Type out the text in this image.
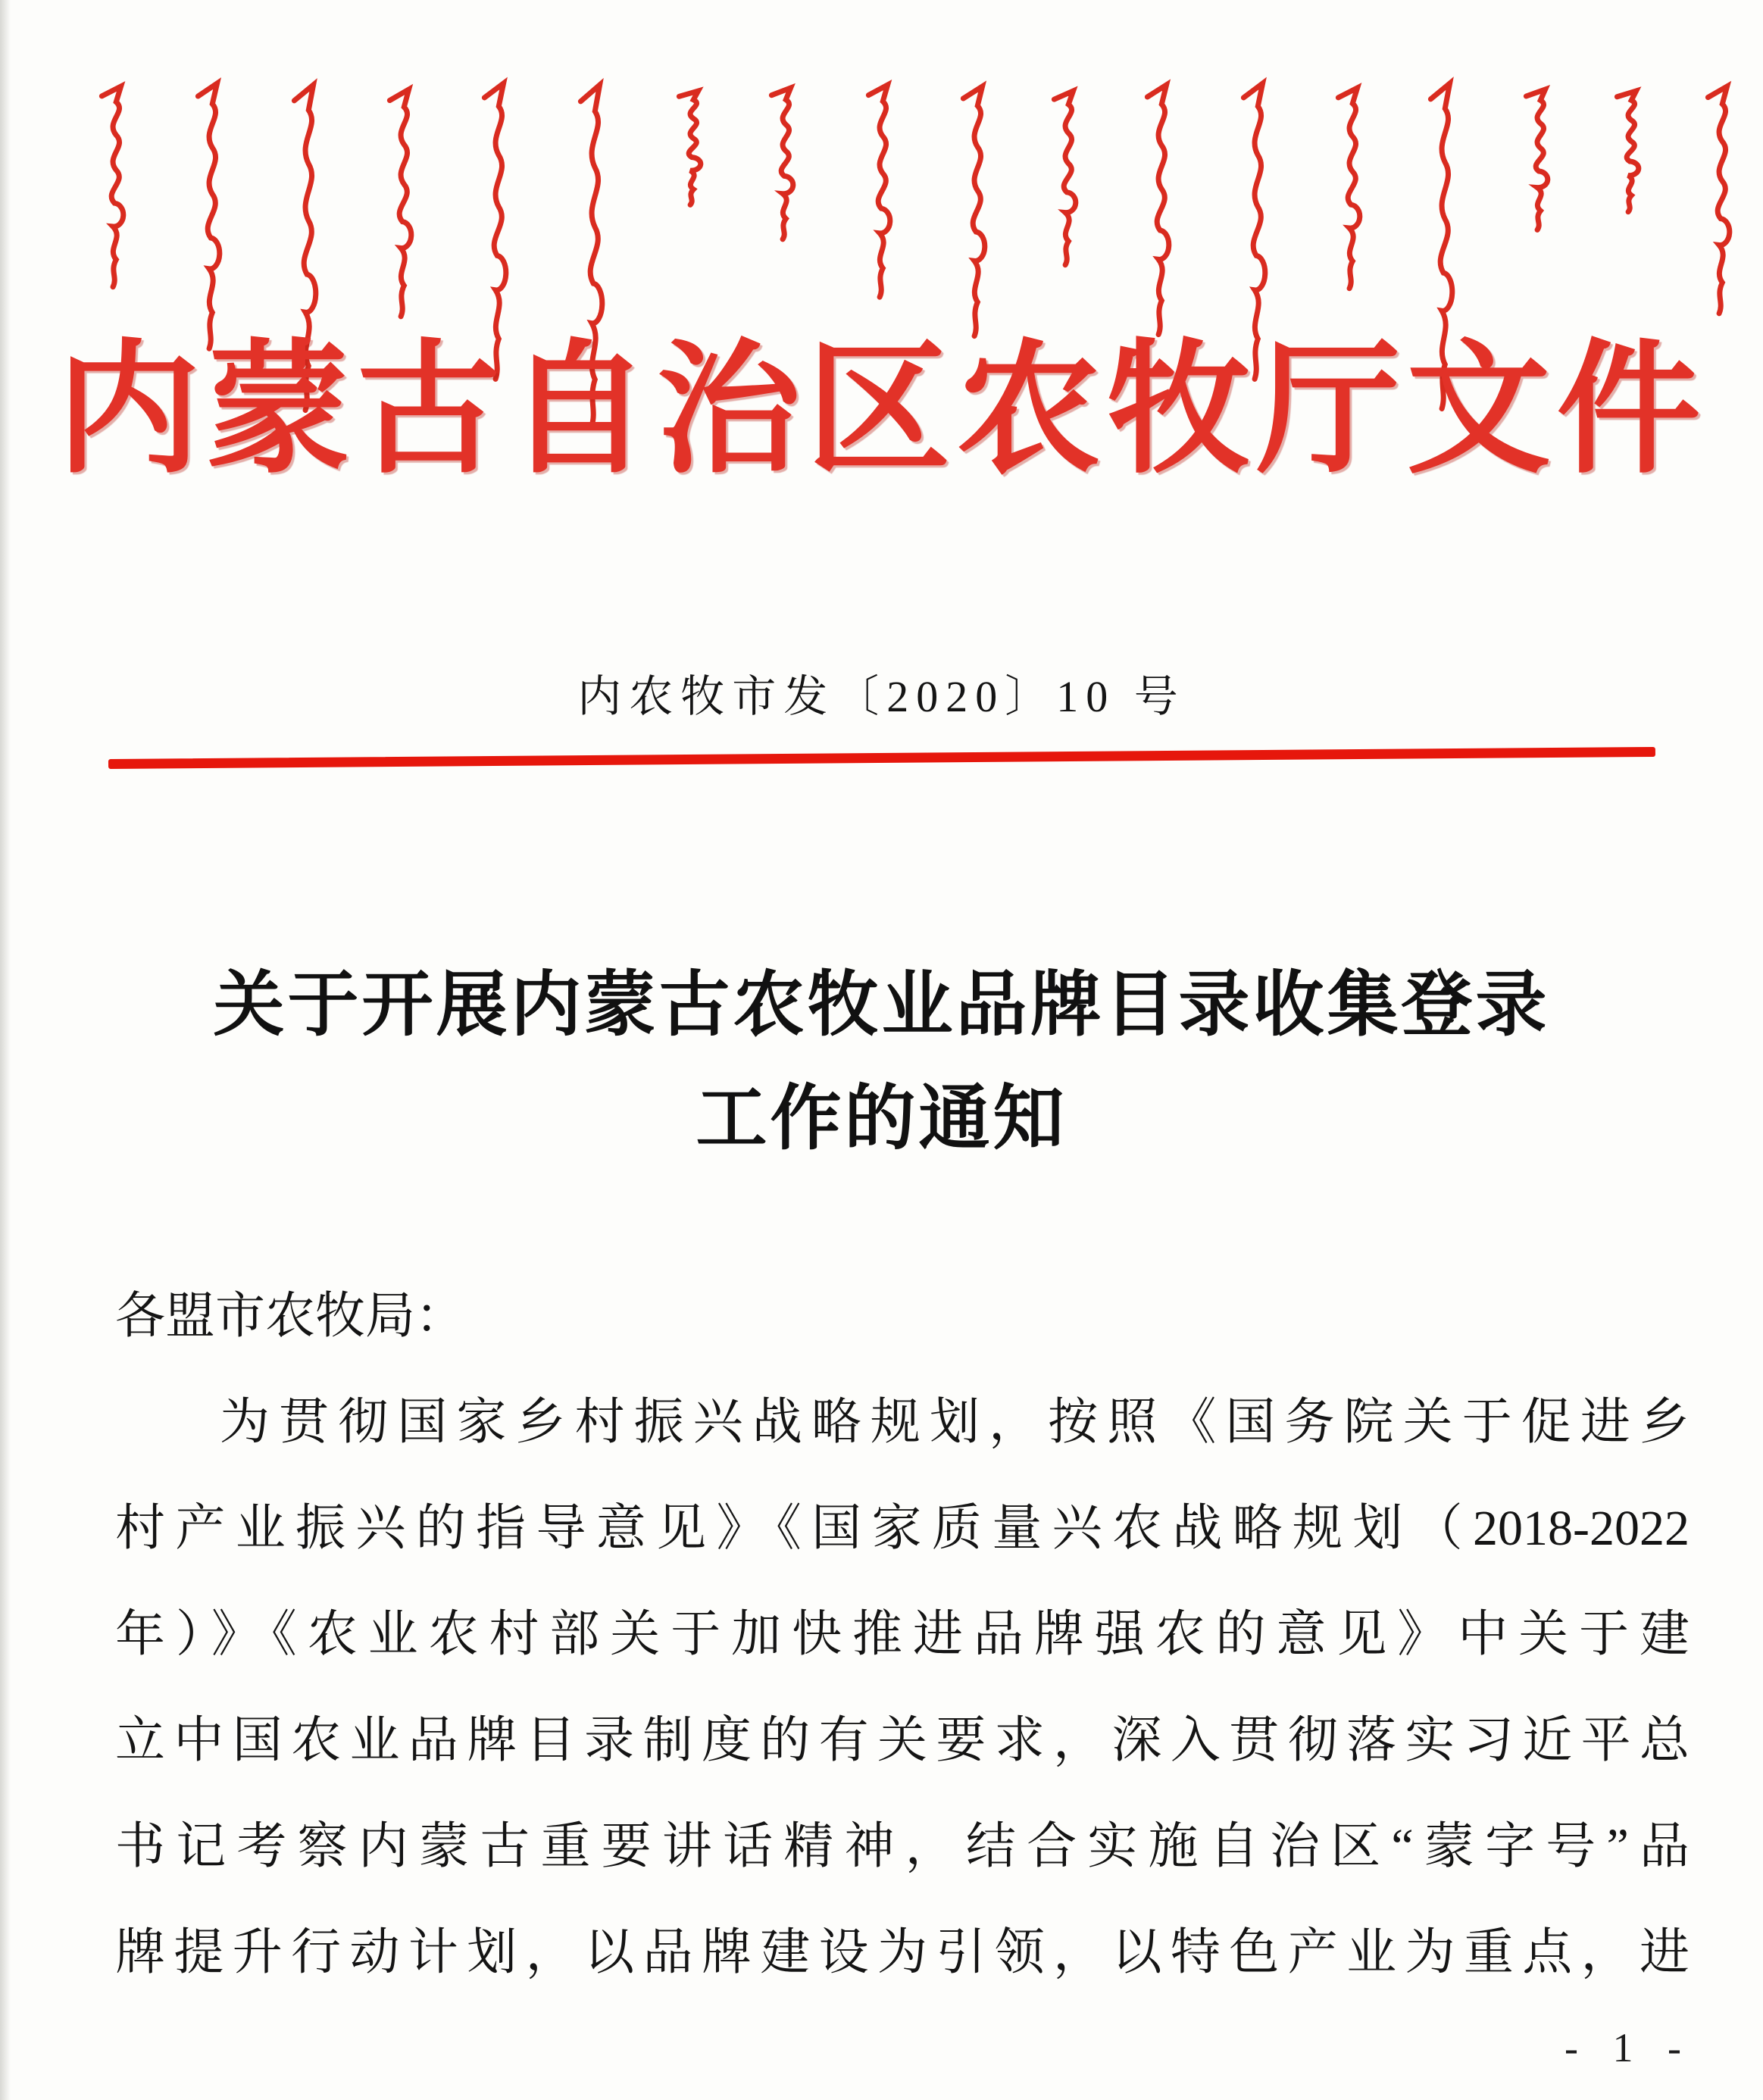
内蒙古自治区农牧厅文件
内农牧市发〔2020〕10 号
关于开展内蒙古农牧业品牌目录收集登录
工作的通知
各盟市农牧局：
为贯彻国家乡村振兴战略规划，按照《国务院关于促进乡
村产业振兴的指导意见》《国家质量兴农战略规划（2018-2022
年）》《农业农村部关于加快推进品牌强农的意见》中关于建
立中国农业品牌目录制度的有关要求，深入贯彻落实习近平总
书记考察内蒙古重要讲话精神，结合实施自治区“蒙字号”品
牌提升行动计划，以品牌建设为引领，以特色产业为重点，进
- 1 -
